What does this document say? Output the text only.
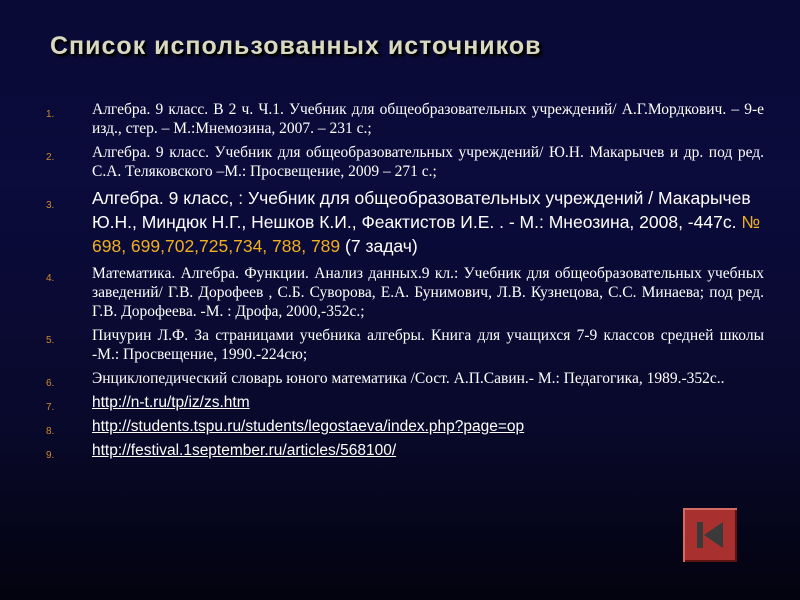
Список использованных источников
1. Алгебра. 9 класс. В 2 ч. Ч.1. Учебник для общеобразовательных учреждений/ А.Г.Мордкович. – 9-е изд., стер. – М.:Мнемозина, 2007. – 231 с.;
2. Алгебра. 9 класс. Учебник для общеобразовательных учреждений/ Ю.Н. Макарычев и др. под ред. С.А. Теляковского –М.: Просвещение, 2009 – 271 с.;
3. Алгебра. 9 класс, : Учебник для общеобразовательных учреждений / Макарычев Ю.Н., Миндюк Н.Г., Нешков К.И., Феактистов И.Е. . - М.: Мнеозина, 2008, -447с. № 698, 699,702,725,734, 788, 789 (7 задач)
4. Математика. Алгебра. Функции. Анализ данных.9 кл.: Учебник для общеобразовательных учебных заведений/ Г.В. Дорофеев , С.Б. Суворова, Е.А. Бунимович, Л.В. Кузнецова, С.С. Минаева; под ред. Г.В. Дорофеева. -М. : Дрофа, 2000,-352с.;
5. Пичурин Л.Ф. За страницами учебника алгебры. Книга для учащихся 7-9 классов средней школы -М.: Просвещение, 1990.-224сю;
6. Энциклопедический словарь юного математика /Сост. А.П.Савин.- М.: Педагогика, 1989.-352с..
7. http://n-t.ru/tp/iz/zs.htm
8. http://students.tspu.ru/students/legostaeva/index.php?page=op
9. http://festival.1september.ru/articles/568100/
